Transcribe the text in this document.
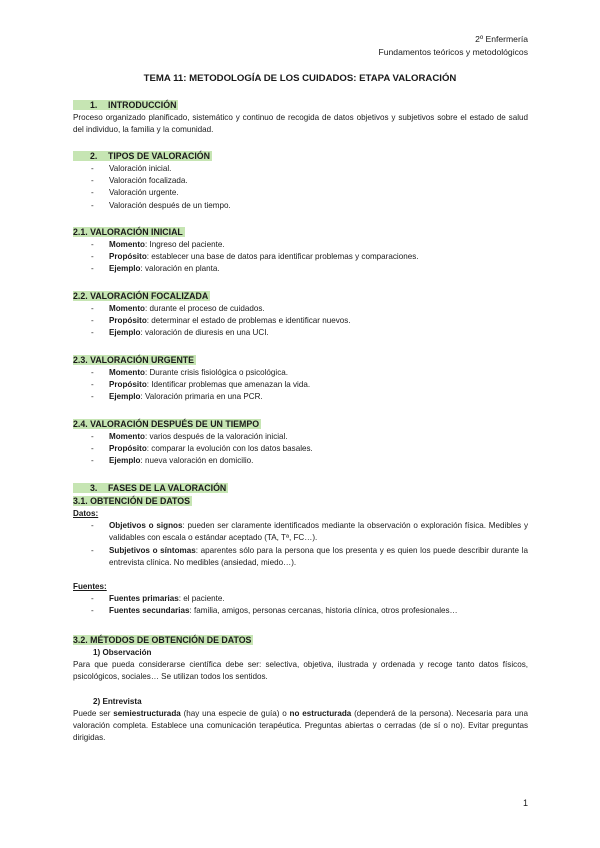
2º Enfermería
Fundamentos teóricos y metodológicos
TEMA 11: METODOLOGÍA DE LOS CUIDADOS: ETAPA VALORACIÓN
1. INTRODUCCIÓN
Proceso organizado planificado, sistemático y continuo de recogida de datos objetivos y subjetivos sobre el estado de salud del individuo, la familia y la comunidad.
2. TIPOS DE VALORACIÓN
- Valoración inicial.
- Valoración focalizada.
- Valoración urgente.
- Valoración después de un tiempo.
2.1. VALORACIÓN INICIAL
- Momento: Ingreso del paciente.
- Propósito: establecer una base de datos para identificar problemas y comparaciones.
- Ejemplo: valoración en planta.
2.2. VALORACIÓN FOCALIZADA
- Momento: durante el proceso de cuidados.
- Propósito: determinar el estado de problemas e identificar nuevos.
- Ejemplo: valoración de diuresis en una UCI.
2.3. VALORACIÓN URGENTE
- Momento: Durante crisis fisiológica o psicológica.
- Propósito: Identificar problemas que amenazan la vida.
- Ejemplo: Valoración primaria en una PCR.
2.4. VALORACIÓN DESPUÉS DE UN TIEMPO
- Momento: varios después de la valoración inicial.
- Propósito: comparar la evolución con los datos basales.
- Ejemplo: nueva valoración en domicilio.
3. FASES DE LA VALORACIÓN
3.1. OBTENCIÓN DE DATOS
Datos:
- Objetivos o signos: pueden ser claramente identificados mediante la observación o exploración física. Medibles y validables con escala o estándar aceptado (TA, Tª, FC…).
- Subjetivos o síntomas: aparentes sólo para la persona que los presenta y es quien los puede describir durante la entrevista clínica. No medibles (ansiedad, miedo…).
Fuentes:
- Fuentes primarias: el paciente.
- Fuentes secundarias: familia, amigos, personas cercanas, historia clínica, otros profesionales…
3.2. MÉTODOS DE OBTENCIÓN DE DATOS
1) Observación
Para que pueda considerarse científica debe ser: selectiva, objetiva, ilustrada y ordenada y recoge tanto datos físicos, psicológicos, sociales… Se utilizan todos los sentidos.
2) Entrevista
Puede ser semiestructurada (hay una especie de guía) o no estructurada (dependerá de la persona). Necesaria para una valoración completa. Establece una comunicación terapéutica. Preguntas abiertas o cerradas (de sí o no). Evitar preguntas dirigidas.
1
